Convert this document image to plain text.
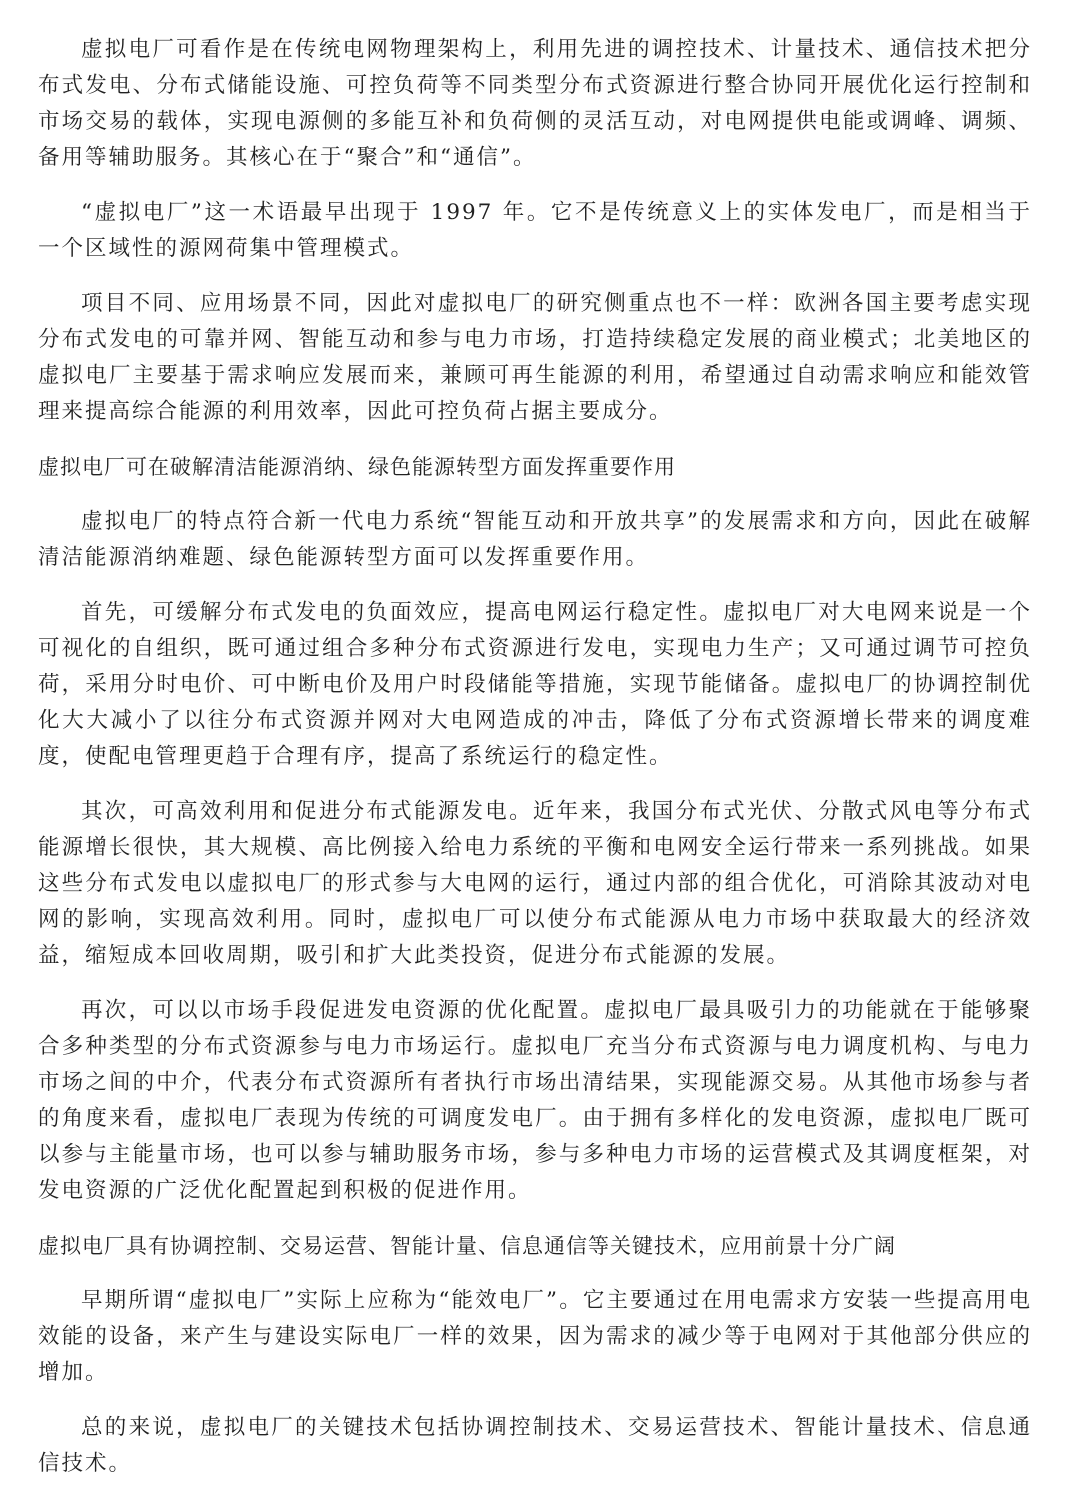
虚拟电厂可看作是在传统电网物理架构上，利用先进的调控技术、计量技术、通信技术把分布式发电、分布式储能设施、可控负荷等不同类型分布式资源进行整合协同开展优化运行控制和市场交易的载体，实现电源侧的多能互补和负荷侧的灵活互动，对电网提供电能或调峰、调频、备用等辅助服务。其核心在于“聚合”和“通信”。

“虚拟电厂”这一术语最早出现于 1997 年。它不是传统意义上的实体发电厂，而是相当于一个区域性的源网荷集中管理模式。

项目不同、应用场景不同，因此对虚拟电厂的研究侧重点也不一样：欧洲各国主要考虑实现分布式发电的可靠并网、智能互动和参与电力市场，打造持续稳定发展的商业模式；北美地区的虚拟电厂主要基于需求响应发展而来，兼顾可再生能源的利用，希望通过自动需求响应和能效管理来提高综合能源的利用效率，因此可控负荷占据主要成分。

虚拟电厂可在破解清洁能源消纳、绿色能源转型方面发挥重要作用

虚拟电厂的特点符合新一代电力系统“智能互动和开放共享”的发展需求和方向，因此在破解清洁能源消纳难题、绿色能源转型方面可以发挥重要作用。

首先，可缓解分布式发电的负面效应，提高电网运行稳定性。虚拟电厂对大电网来说是一个可视化的自组织，既可通过组合多种分布式资源进行发电，实现电力生产；又可通过调节可控负荷，采用分时电价、可中断电价及用户时段储能等措施，实现节能储备。虚拟电厂的协调控制优化大大减小了以往分布式资源并网对大电网造成的冲击，降低了分布式资源增长带来的调度难度，使配电管理更趋于合理有序，提高了系统运行的稳定性。

其次，可高效利用和促进分布式能源发电。近年来，我国分布式光伏、分散式风电等分布式能源增长很快，其大规模、高比例接入给电力系统的平衡和电网安全运行带来一系列挑战。如果这些分布式发电以虚拟电厂的形式参与大电网的运行，通过内部的组合优化，可消除其波动对电网的影响，实现高效利用。同时，虚拟电厂可以使分布式能源从电力市场中获取最大的经济效益，缩短成本回收周期，吸引和扩大此类投资，促进分布式能源的发展。

再次，可以以市场手段促进发电资源的优化配置。虚拟电厂最具吸引力的功能就在于能够聚合多种类型的分布式资源参与电力市场运行。虚拟电厂充当分布式资源与电力调度机构、与电力市场之间的中介，代表分布式资源所有者执行市场出清结果，实现能源交易。从其他市场参与者的角度来看，虚拟电厂表现为传统的可调度发电厂。由于拥有多样化的发电资源，虚拟电厂既可以参与主能量市场，也可以参与辅助服务市场，参与多种电力市场的运营模式及其调度框架，对发电资源的广泛优化配置起到积极的促进作用。

虚拟电厂具有协调控制、交易运营、智能计量、信息通信等关键技术，应用前景十分广阔

早期所谓“虚拟电厂”实际上应称为“能效电厂”。它主要通过在用电需求方安装一些提高用电效能的设备，来产生与建设实际电厂一样的效果，因为需求的减少等于电网对于其他部分供应的增加。

总的来说，虚拟电厂的关键技术包括协调控制技术、交易运营技术、智能计量技术、信息通信技术。
